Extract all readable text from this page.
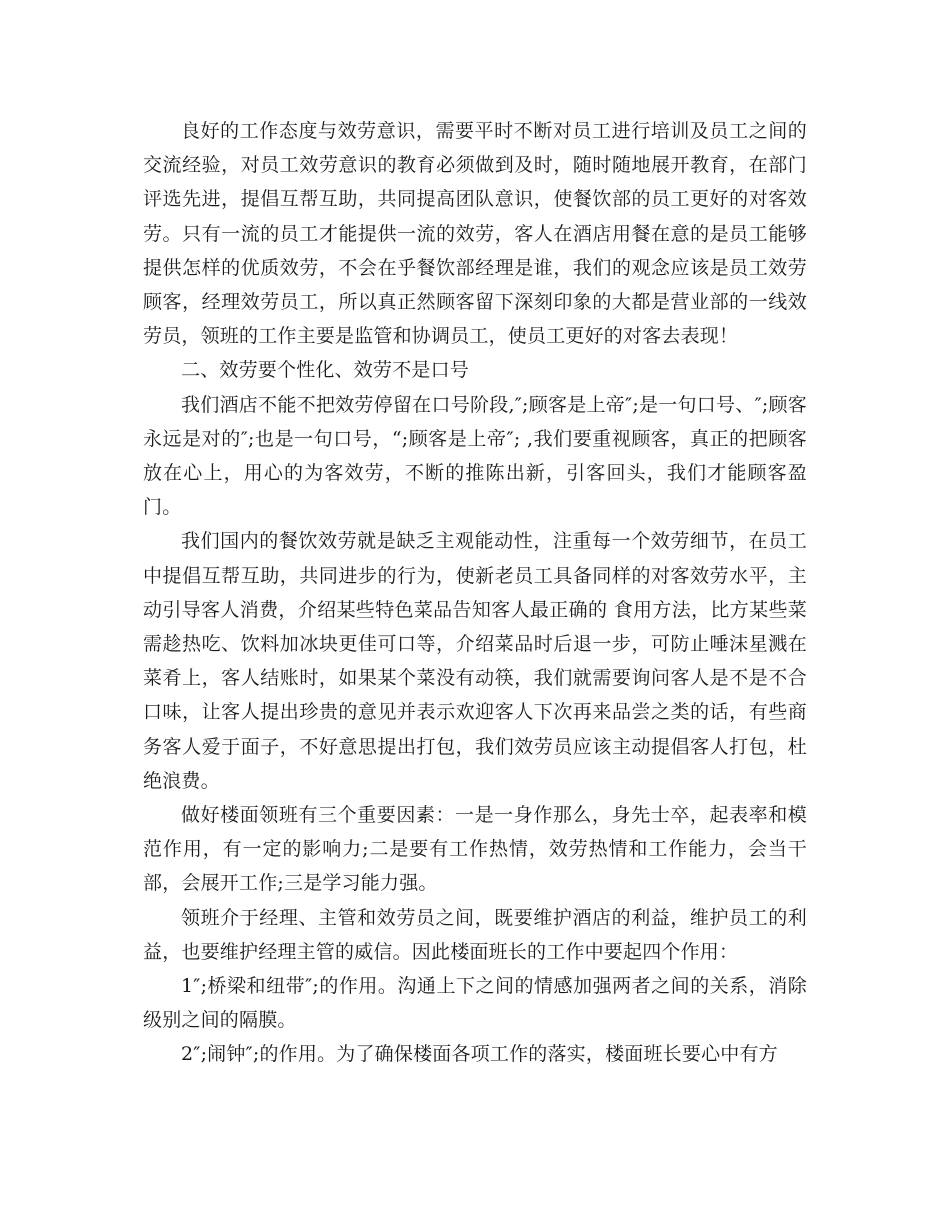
良好的工作态度与效劳意识，需要平时不断对员工进行培训及员工之间的交流经验，对员工效劳意识的教育必须做到及时，随时随地展开教育，在部门评选先进，提倡互帮互助，共同提高团队意识，使餐饮部的员工更好的对客效劳。只有一流的员工才能提供一流的效劳，客人在酒店用餐在意的是员工能够提供怎样的优质效劳，不会在乎餐饮部经理是谁，我们的观念应该是员工效劳顾客，经理效劳员工，所以真正然顾客留下深刻印象的大都是营业部的一线效劳员，领班的工作主要是监管和协调员工，使员工更好的对客去表现！

二、效劳要个性化、效劳不是口号

我们酒店不能不把效劳停留在口号阶段,″;顾客是上帝″;是一句口号、″;顾客永远是对的″;也是一句口号，“;顾客是上帝″; ,我们要重视顾客，真正的把顾客放在心上，用心的为客效劳，不断的推陈出新，引客回头，我们才能顾客盈门。

我们国内的餐饮效劳就是缺乏主观能动性，注重每一个效劳细节，在员工中提倡互帮互助，共同进步的行为，使新老员工具备同样的对客效劳水平，主动引导客人消费，介绍某些特色菜品告知客人最正确的 食用方法，比方某些菜需趁热吃、饮料加冰块更佳可口等，介绍菜品时后退一步，可防止唾沫星溅在菜肴上，客人结账时，如果某个菜没有动筷，我们就需要询问客人是不是不合口味，让客人提出珍贵的意见并表示欢迎客人下次再来品尝之类的话，有些商务客人爱于面子，不好意思提出打包，我们效劳员应该主动提倡客人打包，杜绝浪费。

做好楼面领班有三个重要因素：一是一身作那么，身先士卒，起表率和模范作用，有一定的影响力;二是要有工作热情，效劳热情和工作能力，会当干部，会展开工作;三是学习能力强。

领班介于经理、主管和效劳员之间，既要维护酒店的利益，维护员工的利益，也要维护经理主管的威信。因此楼面班长的工作中要起四个作用：

1″;桥梁和纽带″;的作用。沟通上下之间的情感加强两者之间的关系，消除级别之间的隔膜。

2″;闹钟″;的作用。为了确保楼面各项工作的落实，楼面班长要心中有方
